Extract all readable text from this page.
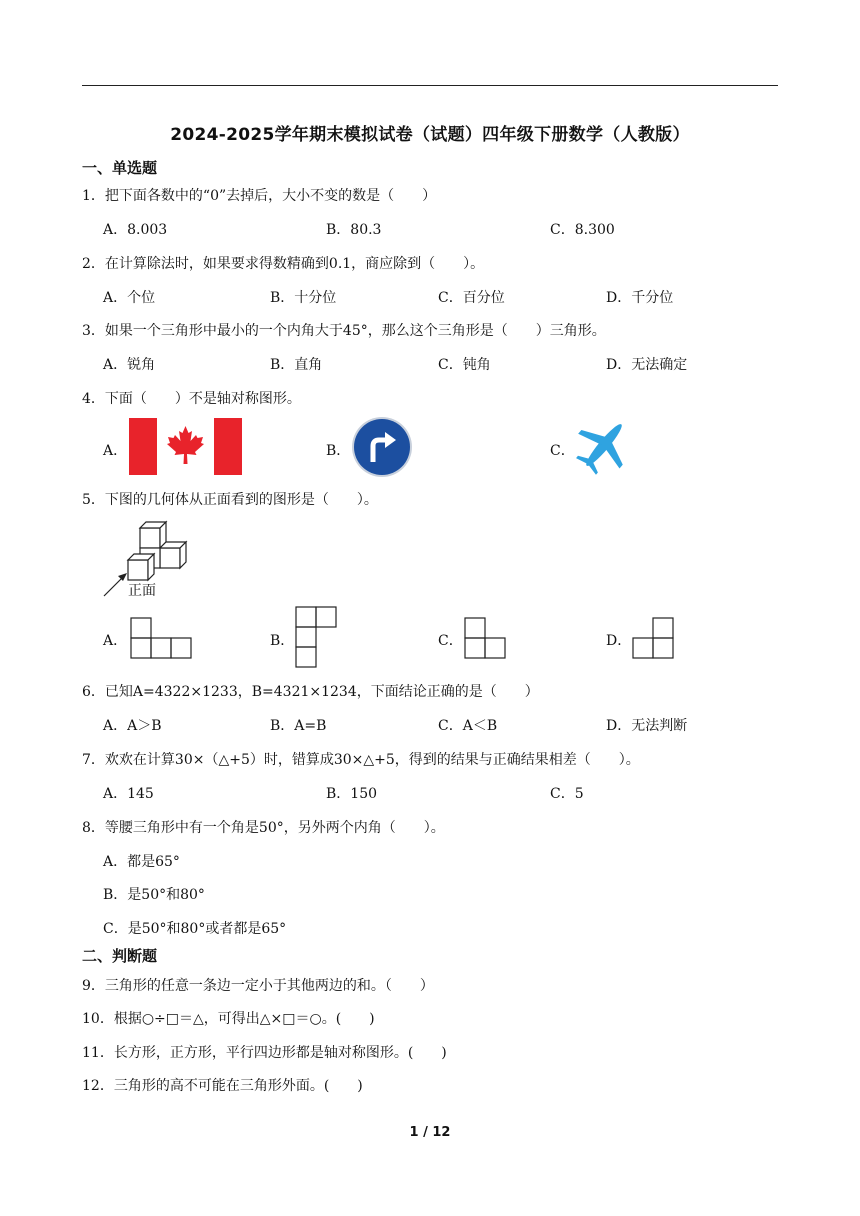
2024-2025学年期末模拟试卷（试题）四年级下册数学（人教版）
一、单选题
1．把下面各数中的“0”去掉后，大小不变的数是（　　）
A．8.003	B．80.3	C．8.300
2．在计算除法时，如果要求得数精确到0.1，商应除到（　　）。
A．个位	B．十分位	C．百分位	D．千分位
3．如果一个三角形中最小的一个内角大于45°，那么这个三角形是（　　）三角形。
A．锐角	B．直角	C．钝角	D．无法确定
4．下面（　　）不是轴对称图形。
A．	B．	C．
5．下图的几何体从正面看到的图形是（　　）。
正面
A．	B．	C．	D．
6．已知A=4322×1233，B=4321×1234，下面结论正确的是（　　）
A．A＞B	B．A=B	C．A＜B	D．无法判断
7．欢欢在计算30×（△+5）时，错算成30×△+5，得到的结果与正确结果相差（　　）。
A．145	B．150	C．5
8．等腰三角形中有一个角是50°，另外两个内角（　　）。
A．都是65°
B．是50°和80°
C．是50°和80°或者都是65°
二、判断题
9．三角形的任意一条边一定小于其他两边的和。（　　）
10．根据○÷□＝△，可得出△×□＝○。(　　)
11．长方形，正方形，平行四边形都是轴对称图形。(　　)
12．三角形的高不可能在三角形外面。(　　)
1 / 12
